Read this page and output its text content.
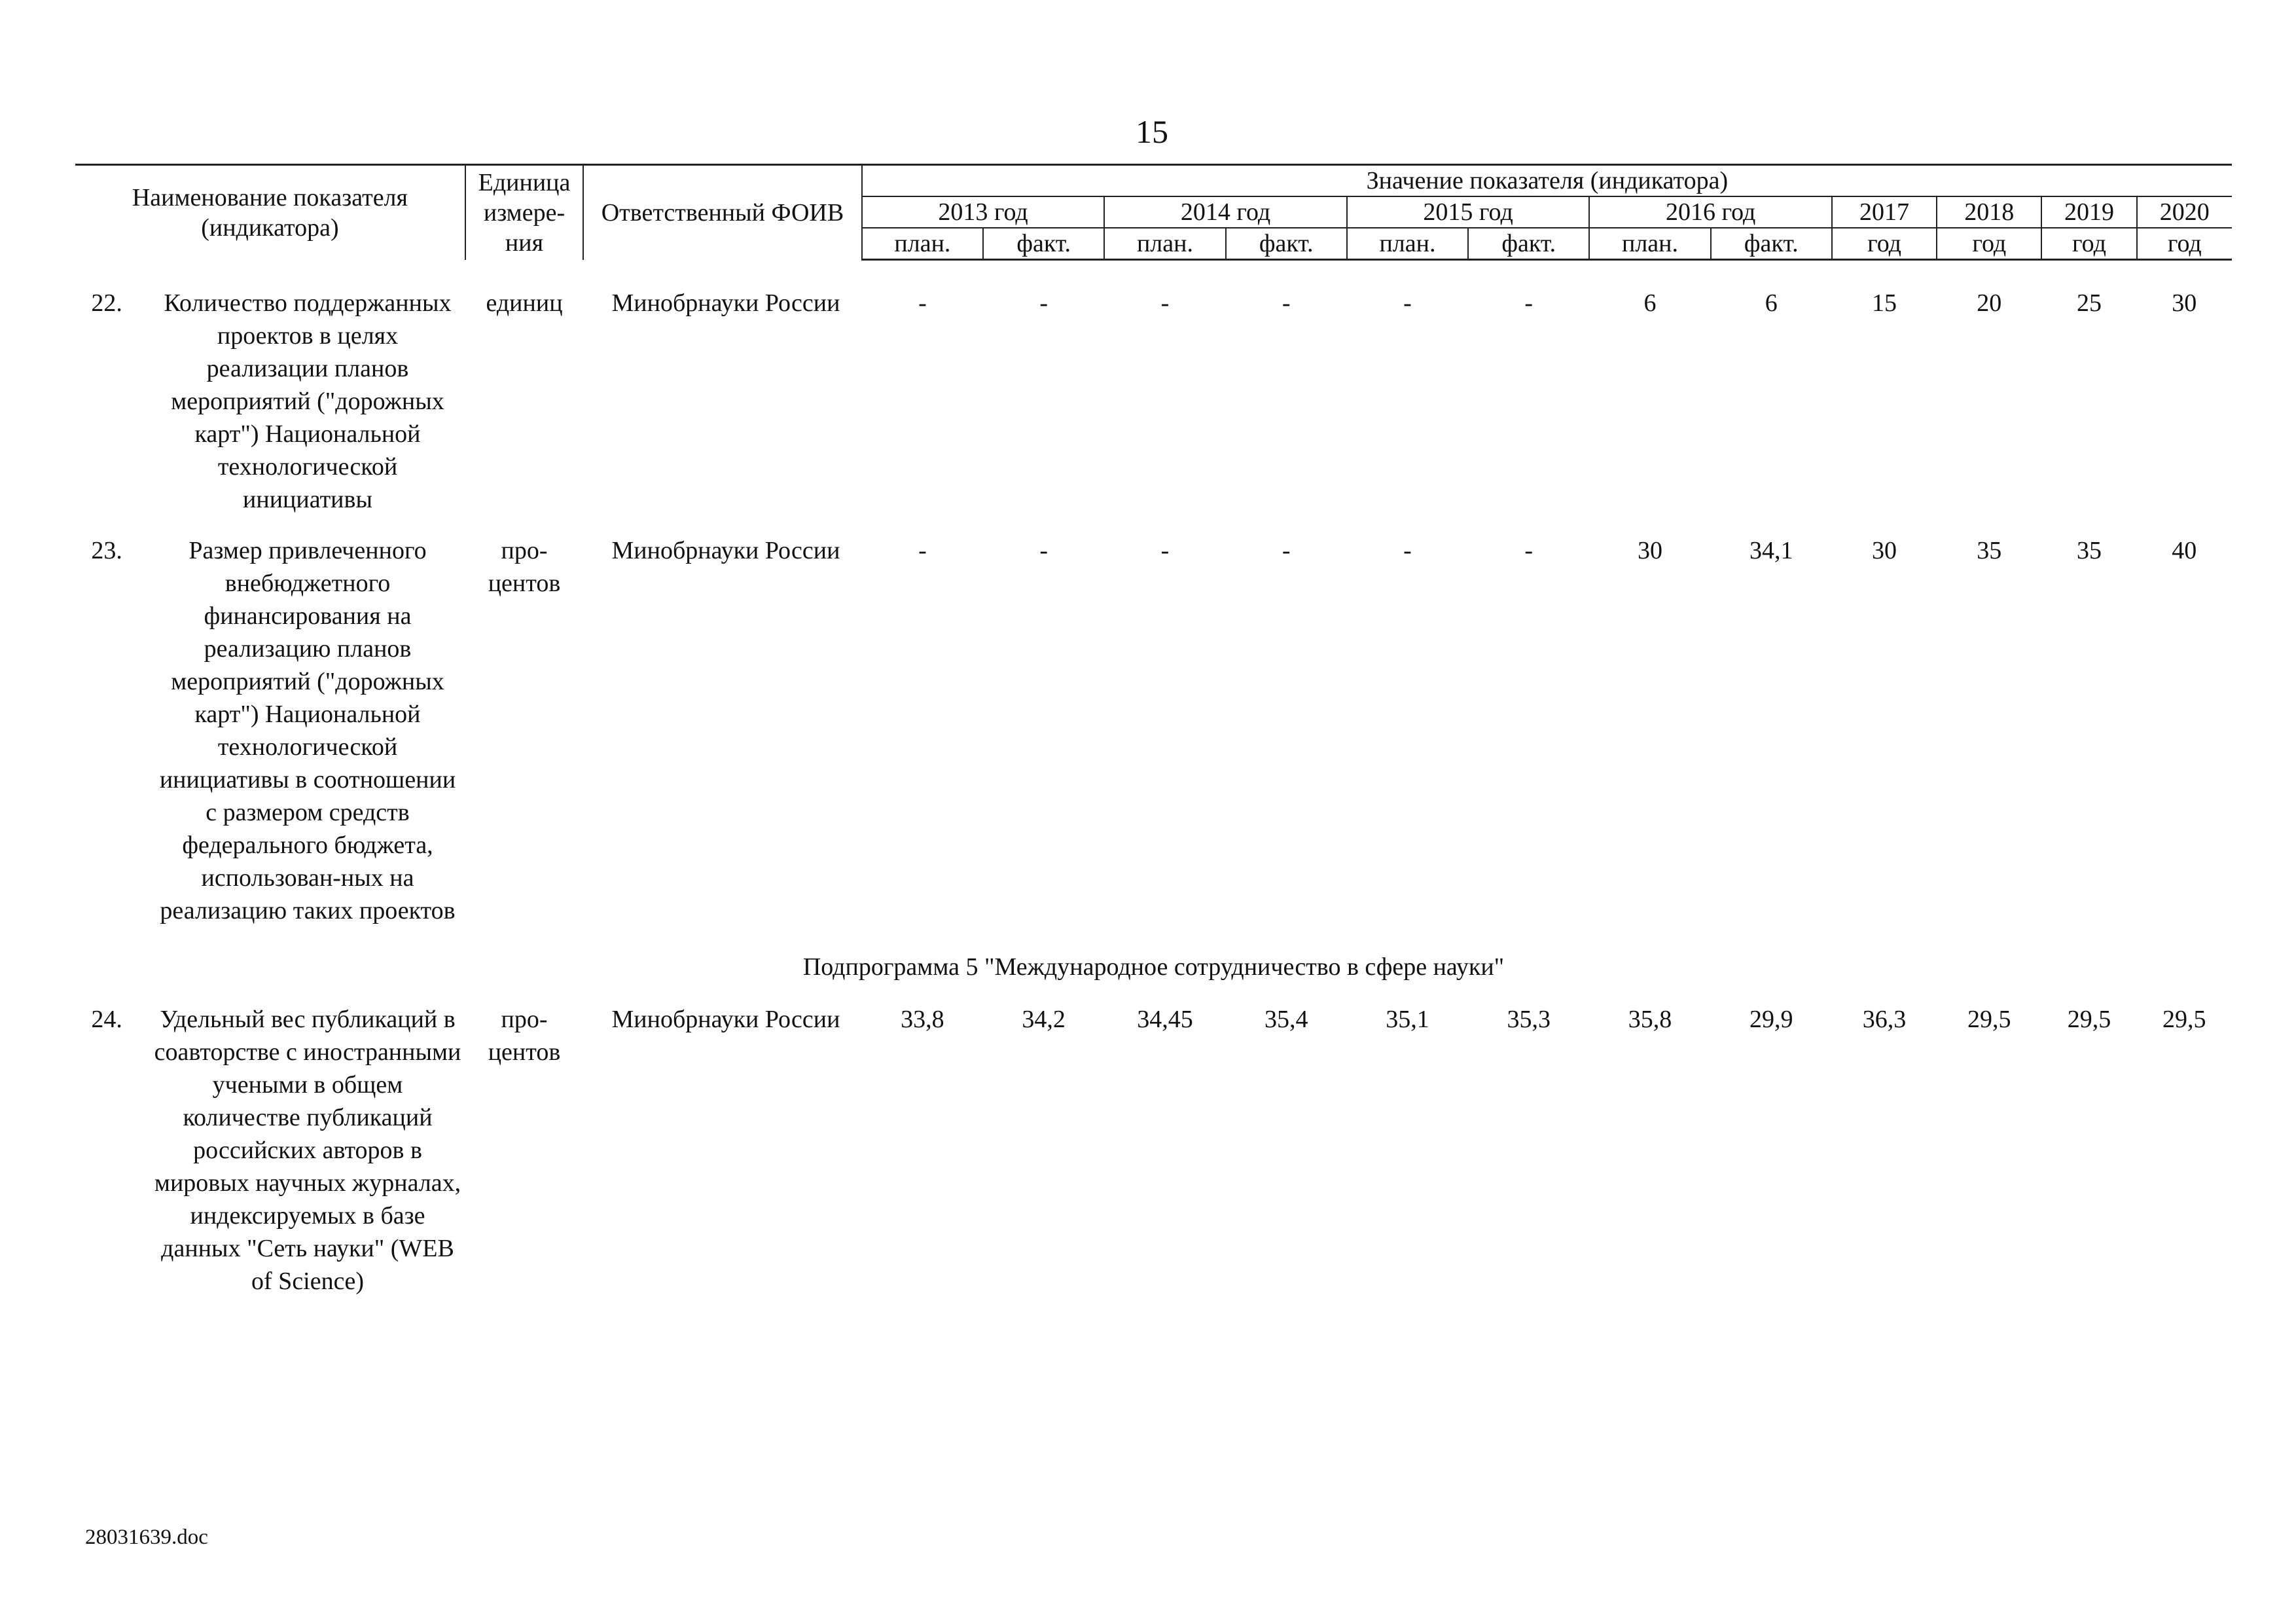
15
Наименование показателя (индикатора)		Единица
измере-
ния	Ответственный ФОИВ	Значение показателя (индикатора)											
				2013 год		2014 год		2015 год		2016 год		2017	2018	2019	2020
				план.	факт.	план.	факт.	план.	факт.	план.	факт.	год	год	год	год

22.	Количество поддержанных проектов в целях реализации планов мероприятий ("дорожных карт") Национальной технологической инициативы	единиц	Минобрнауки России	-	-	-	-	-	-	6	6	15	20	25	30
23.	Размер привлеченного внебюджетного финансирования на реализацию планов мероприятий ("дорожных карт") Национальной технологической инициативы в соотношении с размером средств федерального бюджета, использован-ных на реализацию таких проектов	про-центов	Минобрнауки России	-	-	-	-	-	-	30	34,1	30	35	35	40
Подпрограмма 5 "Международное сотрудничество в сфере науки"															
24.	Удельный вес публикаций в соавторстве с иностранными учеными в общем количестве публикаций российских авторов в мировых научных журналах, индексируемых в базе данных "Сеть науки" (WEB of Science)	про-центов	Минобрнауки России	33,8	34,2	34,45	35,4	35,1	35,3	35,8	29,9	36,3	29,5	29,5	29,5
28031639.doc
